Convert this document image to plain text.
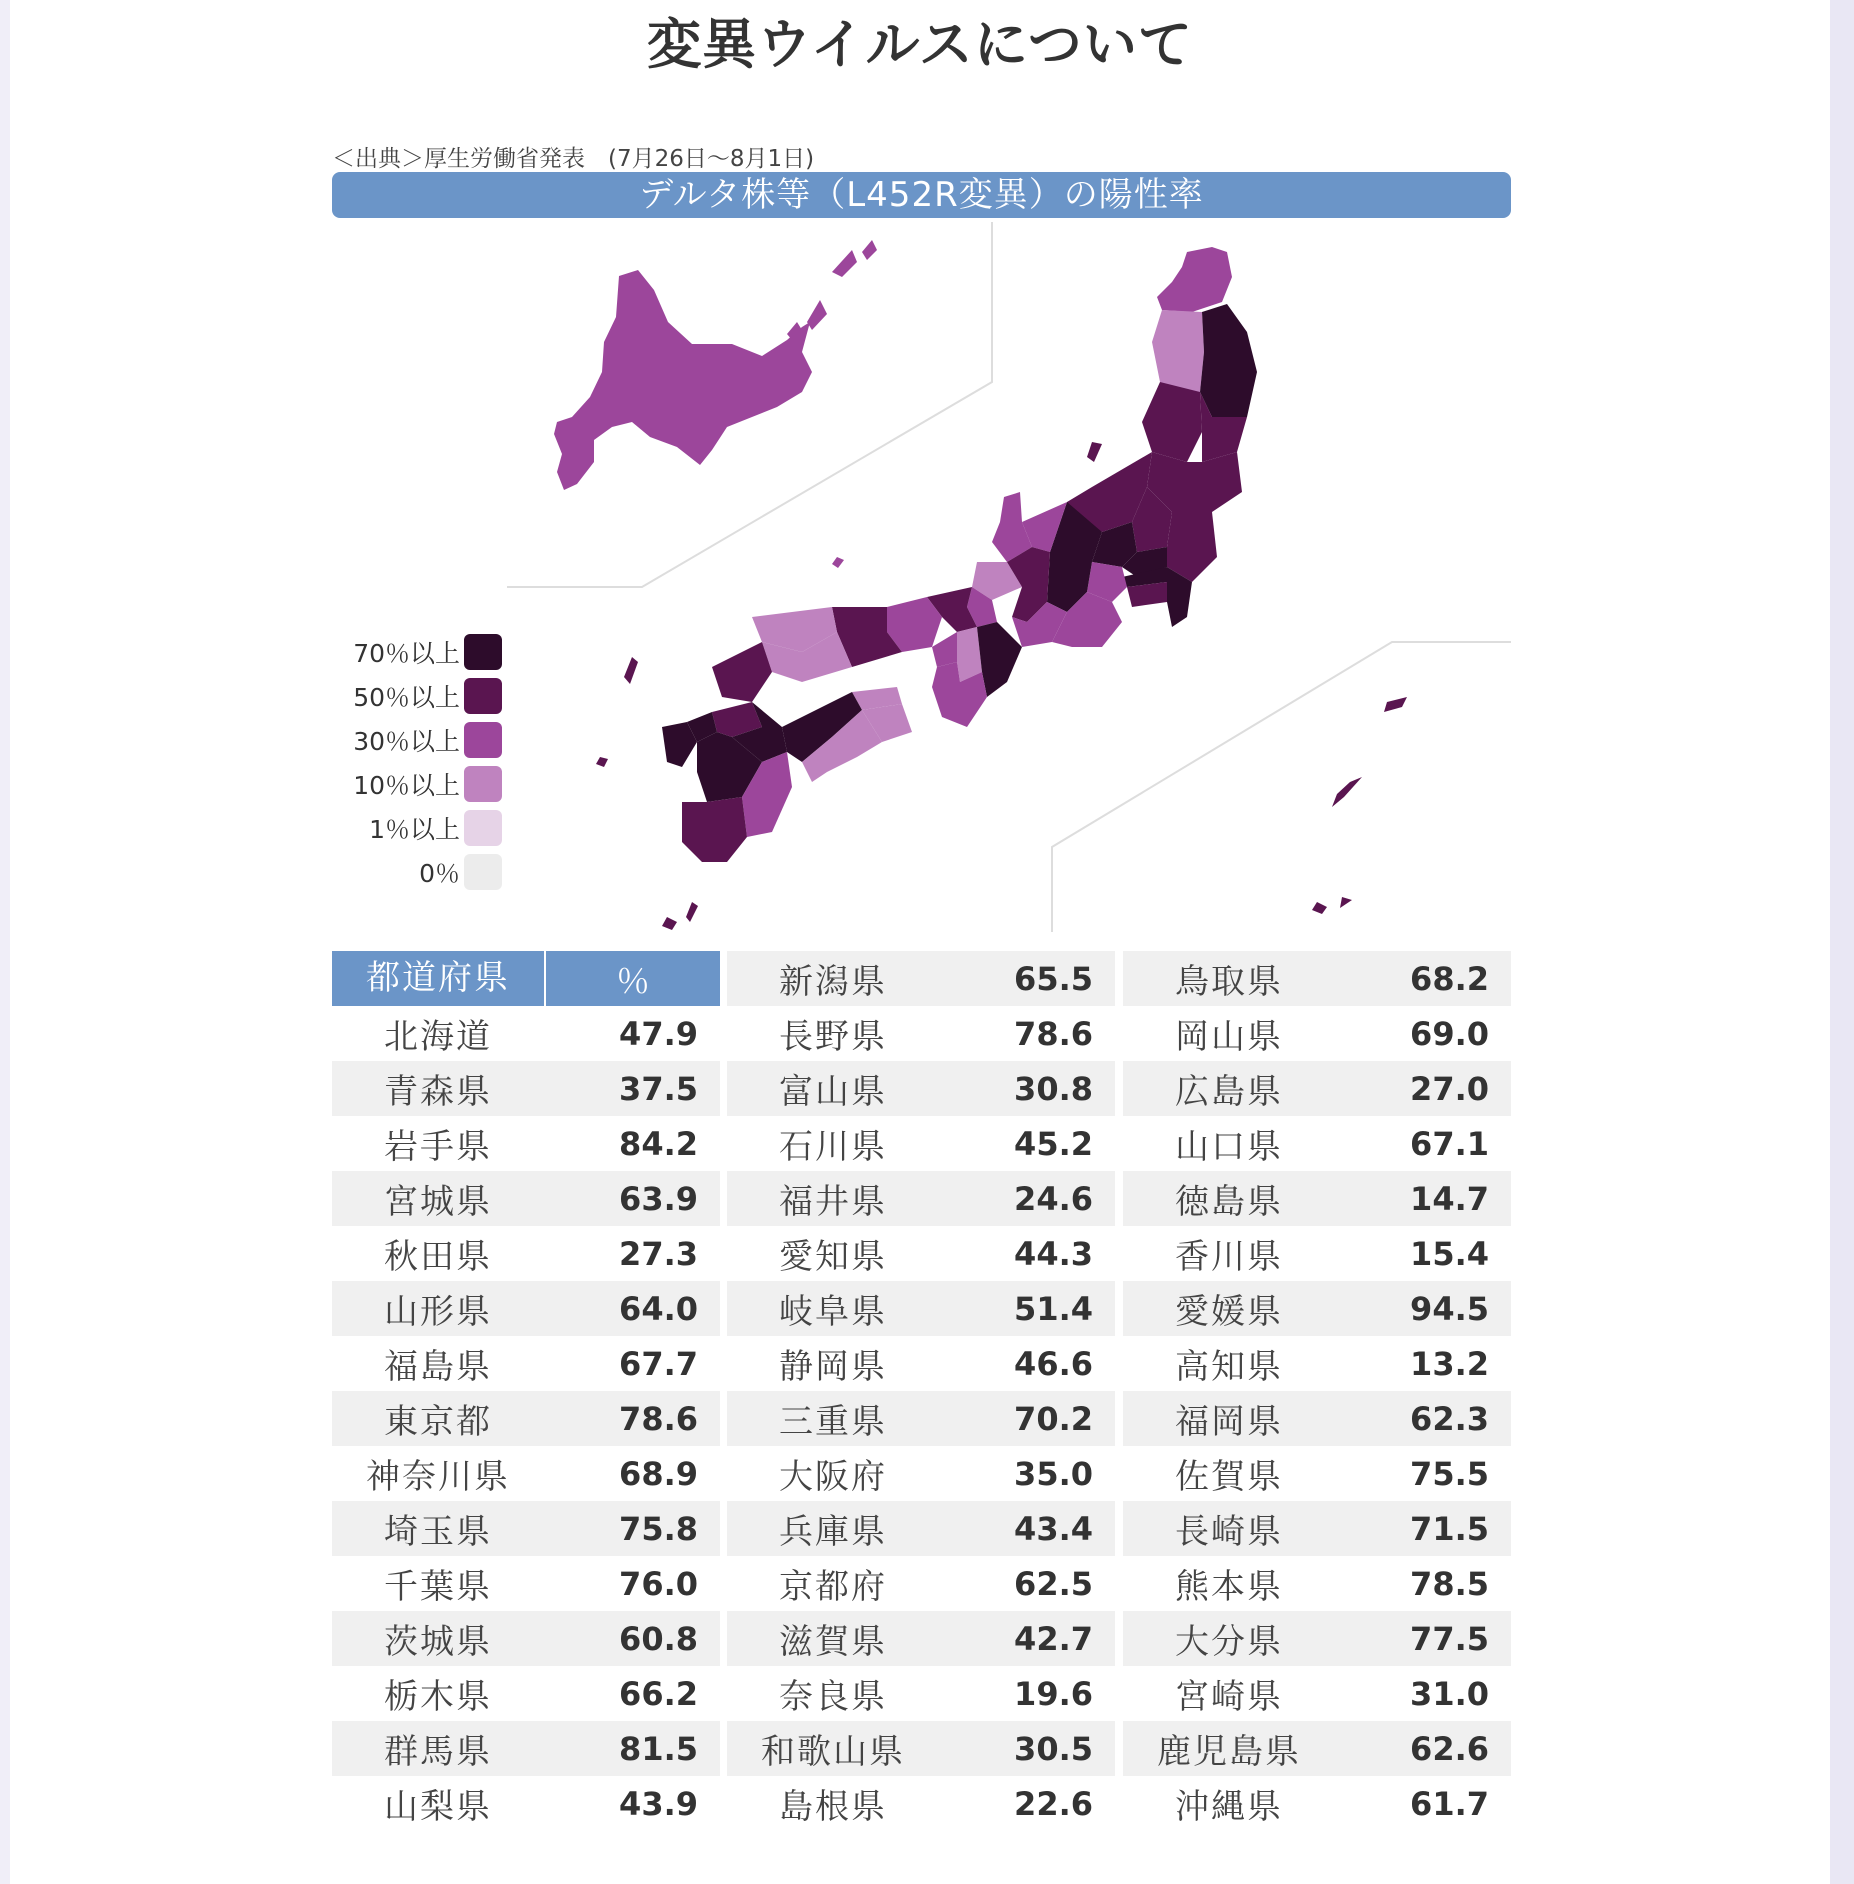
変異ウイルスについて
＜出典＞厚生労働省発表　(7月26日〜8月1日)
デルタ株等（L452R変異）の陽性率
70％以上
50％以上
30％以上
10％以上
1％以上
0％
都道府県	％
北海道	47.9
青森県	37.5
岩手県	84.2
宮城県	63.9
秋田県	27.3
山形県	64.0
福島県	67.7
東京都	78.6
神奈川県	68.9
埼玉県	75.8
千葉県	76.0
茨城県	60.8
栃木県	66.2
群馬県	81.5
山梨県	43.9
新潟県	65.5
長野県	78.6
富山県	30.8
石川県	45.2
福井県	24.6
愛知県	44.3
岐阜県	51.4
静岡県	46.6
三重県	70.2
大阪府	35.0
兵庫県	43.4
京都府	62.5
滋賀県	42.7
奈良県	19.6
和歌山県	30.5
島根県	22.6
鳥取県	68.2
岡山県	69.0
広島県	27.0
山口県	67.1
徳島県	14.7
香川県	15.4
愛媛県	94.5
高知県	13.2
福岡県	62.3
佐賀県	75.5
長崎県	71.5
熊本県	78.5
大分県	77.5
宮崎県	31.0
鹿児島県	62.6
沖縄県	61.7
